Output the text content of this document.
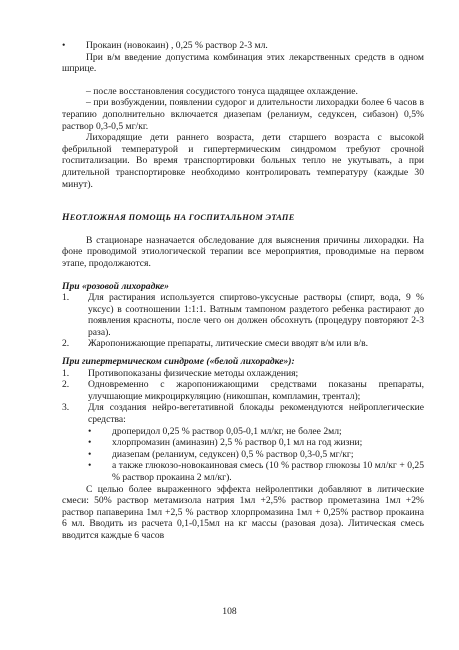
•	Прокаин (новокаин) , 0,25 % раствор 2-3 мл.

При в/м введение допустима комбинация этих лекарственных средств в одном шприце.

– после восстановления сосудистого тонуса щадящее охлаждение.

– при возбуждении, появлении судорог и длительности лихорадки более 6 часов в терапию дополнительно включается диазепам (реланиум, седуксен, сибазон) 0,5% раствор 0,3-0,5 мг/кг.

Лихорадящие дети раннего возраста, дети старшего возраста с высокой фебрильной температурой и гипертермическим синдромом требуют срочной госпитализации. Во время транспортировки больных тепло не укутывать, а при длительной транспортировке необходимо контролировать температуру (каждые 30 минут).

НЕОТЛОЖНАЯ ПОМОЩЬ НА ГОСПИТАЛЬНОМ ЭТАПЕ

В стационаре назначается обследование для выяснения причины лихорадки. На фоне проводимой этиологической терапии все мероприятия, проводимые на первом этапе, продолжаются.

При «розовой лихорадке»

1.	Для растирания используется спиртово-уксусные растворы (спирт, вода, 9 % уксус) в соотношении 1:1:1. Ватным тампоном раздетого ребенка растирают до появления красноты, после чего он должен обсохнуть (процедуру повторяют 2-3 раза).
2.	Жаропонижающие препараты, литические смеси вводят в/м или в/в.

При гипертермическом синдроме («белой лихорадке»):

1.	Противопоказаны физические методы охлаждения;
2.	Одновременно с жаропонижающими средствами показаны препараты, улучшающие микроциркуляцию (никошпан, компламин, трентал);
3.	Для создания нейро-вегетативной блокады рекомендуются нейроплегические средства:
•	дроперидол 0,25 % раствор 0,05-0,1 мл/кг, не более 2мл;
•	хлорпромазин (аминазин) 2,5 % раствор 0,1 мл на год жизни;
•	диазепам (реланиум, седуксен) 0,5 % раствор 0,3-0,5 мг/кг;
•	а также глюкозо-новокаиновая смесь (10 % раствор глюкозы 10 мл/кг + 0,25 % раствор прокаина 2 мл/кг).

С целью более выраженного эффекта нейролептики добавляют в литические смеси: 50% раствор метамизола натрия 1мл +2,5% раствор прометазина 1мл +2% раствор папаверина 1мл +2,5 % раствор хлорпромазина 1мл + 0,25% раствор прокаина 6 мл. Вводить из расчета 0,1-0,15мл на кг массы (разовая доза). Литическая смесь вводится каждые 6 часов

108
